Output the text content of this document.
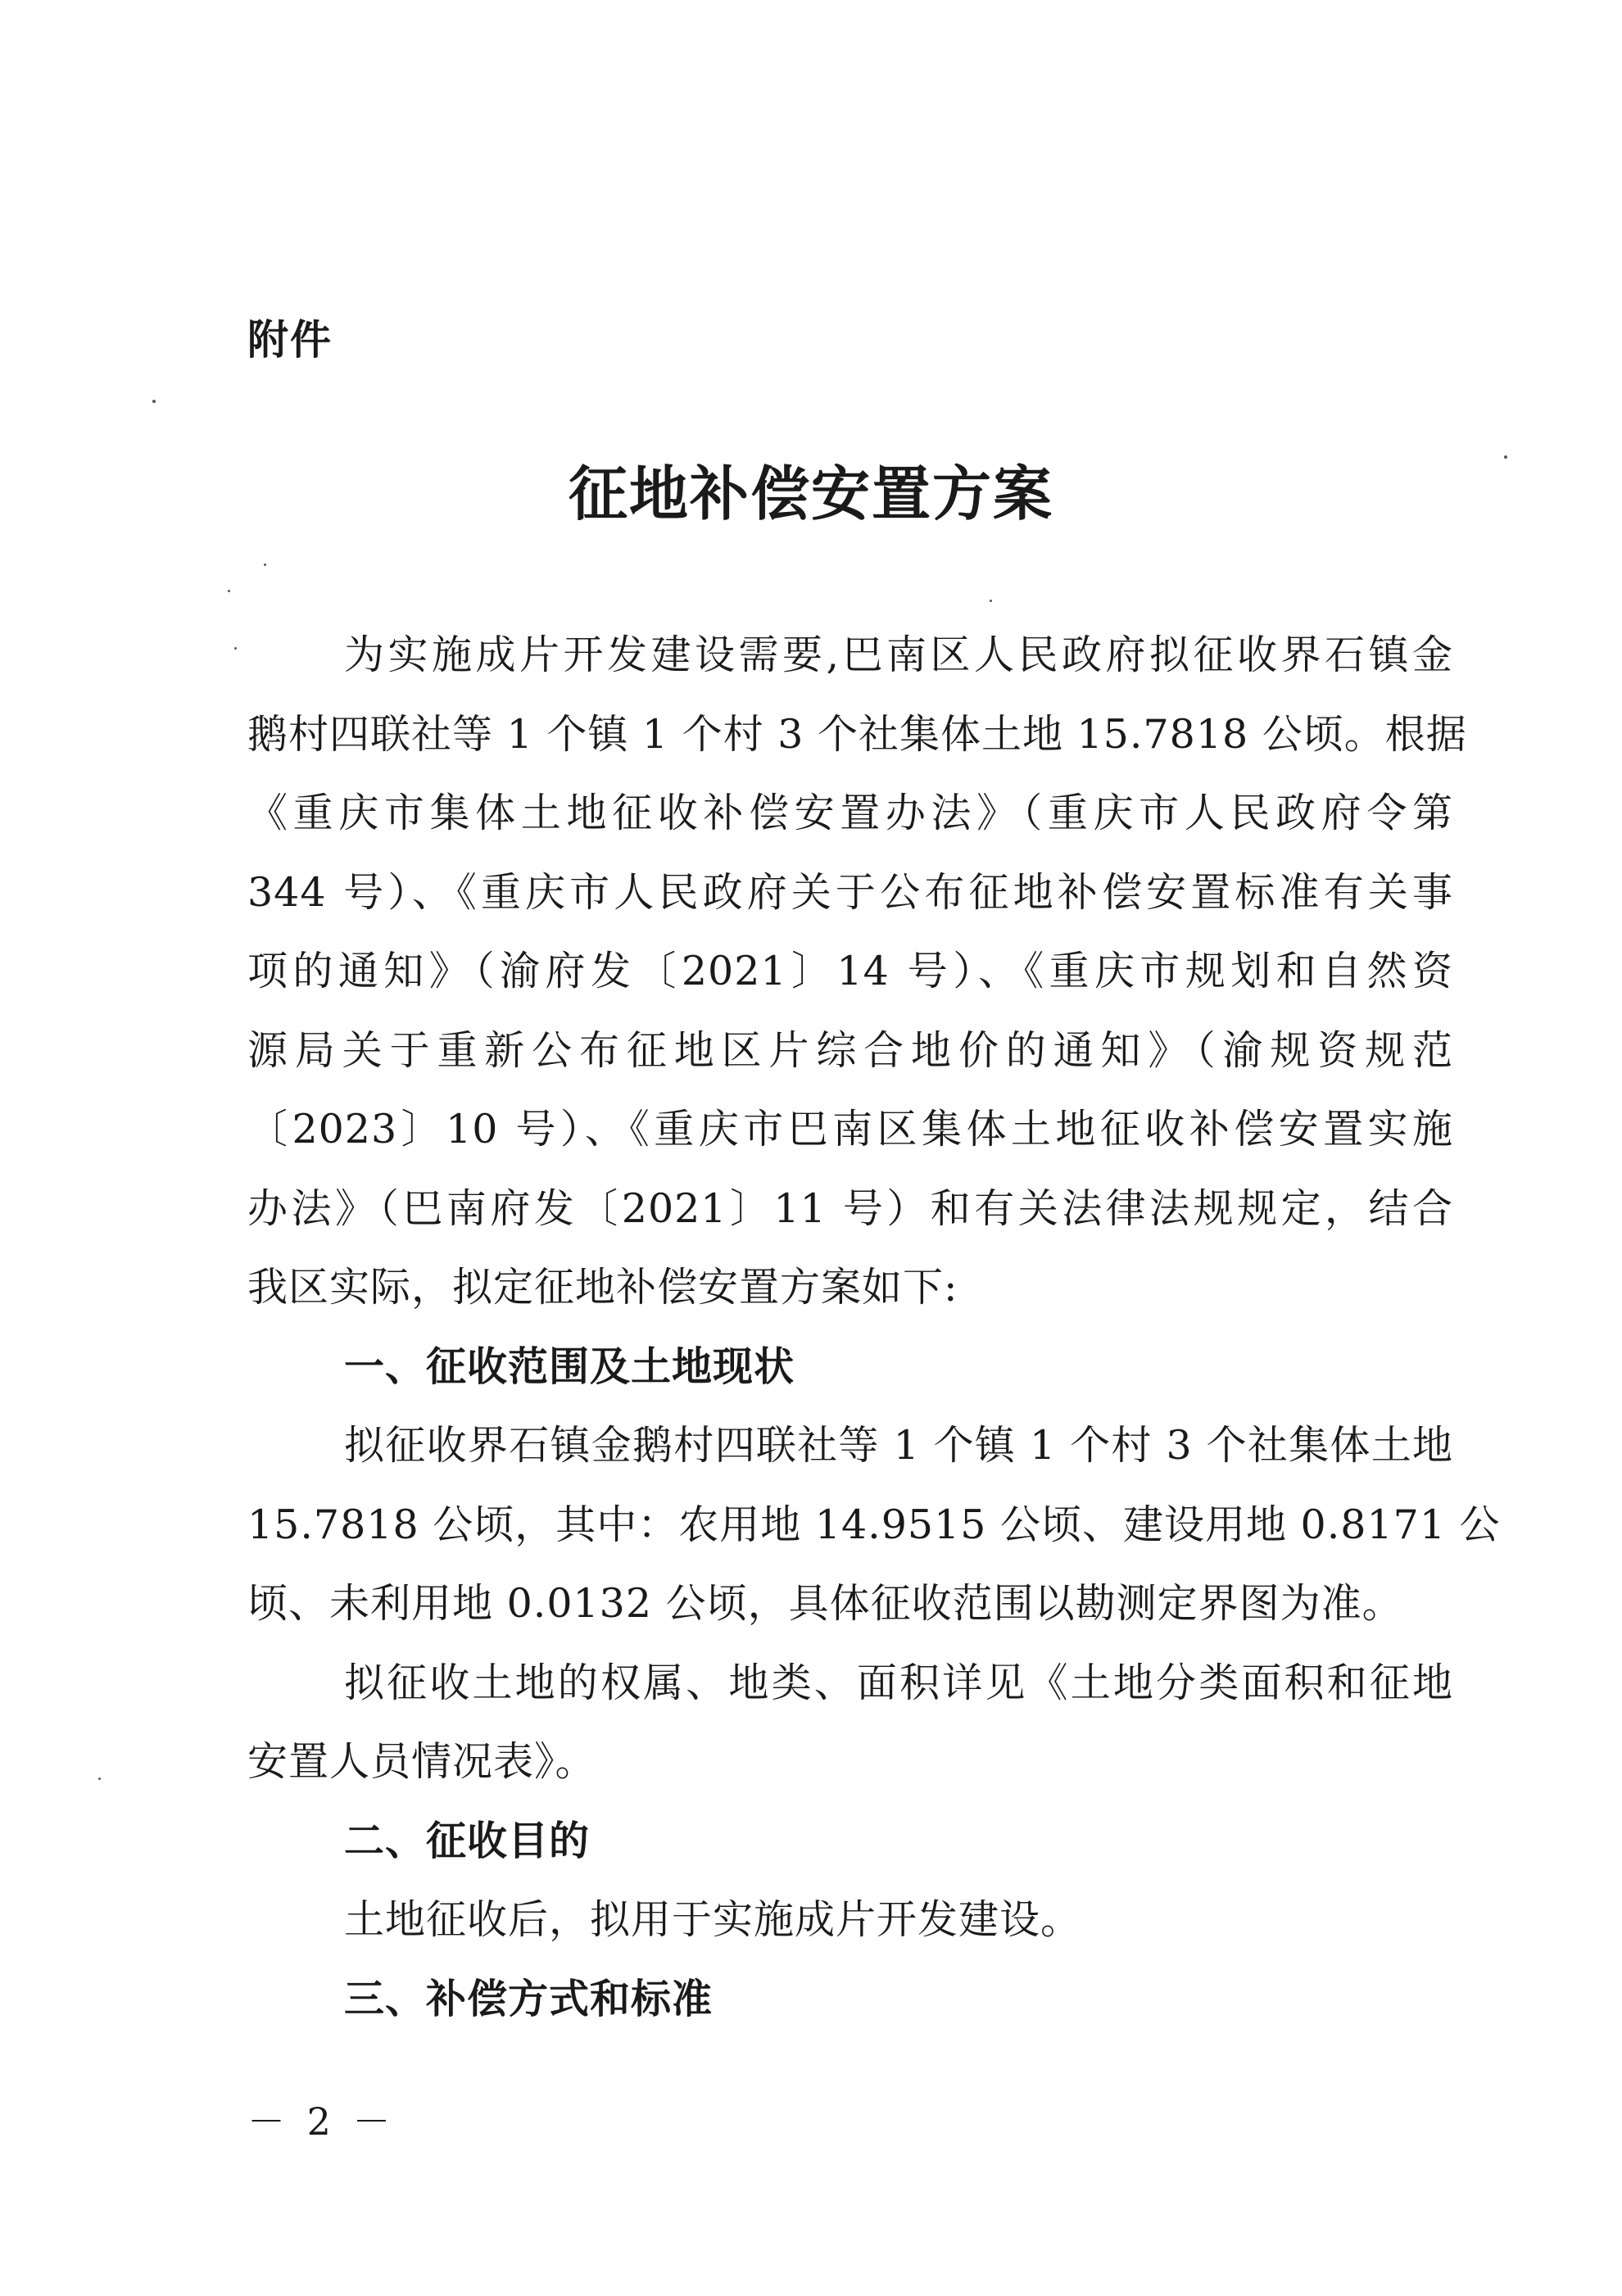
附件
征地补偿安置方案

为实施成片开发建设需要,巴南区人民政府拟征收界石镇金
鹅村四联社等 1 个镇 1 个村 3 个社集体土地 15.7818 公顷。根据
《重庆市集体土地征收补偿安置办法》（重庆市人民政府令第
344 号）、《重庆市人民政府关于公布征地补偿安置标准有关事
项的通知》（渝府发〔2021〕14 号）、《重庆市规划和自然资
源局关于重新公布征地区片综合地价的通知》（渝规资规范
〔2023〕10 号）、《重庆市巴南区集体土地征收补偿安置实施
办法》（巴南府发〔2021〕11 号）和有关法律法规规定，结合
我区实际，拟定征地补偿安置方案如下:

一、征收范围及土地现状

拟征收界石镇金鹅村四联社等 1 个镇 1 个村 3 个社集体土地
15.7818 公顷，其中：农用地 14.9515 公顷、建设用地 0.8171 公
顷、未利用地 0.0132 公顷，具体征收范围以勘测定界图为准。

拟征收土地的权属、地类、面积详见《土地分类面积和征地
安置人员情况表》。

二、征收目的

土地征收后，拟用于实施成片开发建设。

三、补偿方式和标准

－ 2 －
